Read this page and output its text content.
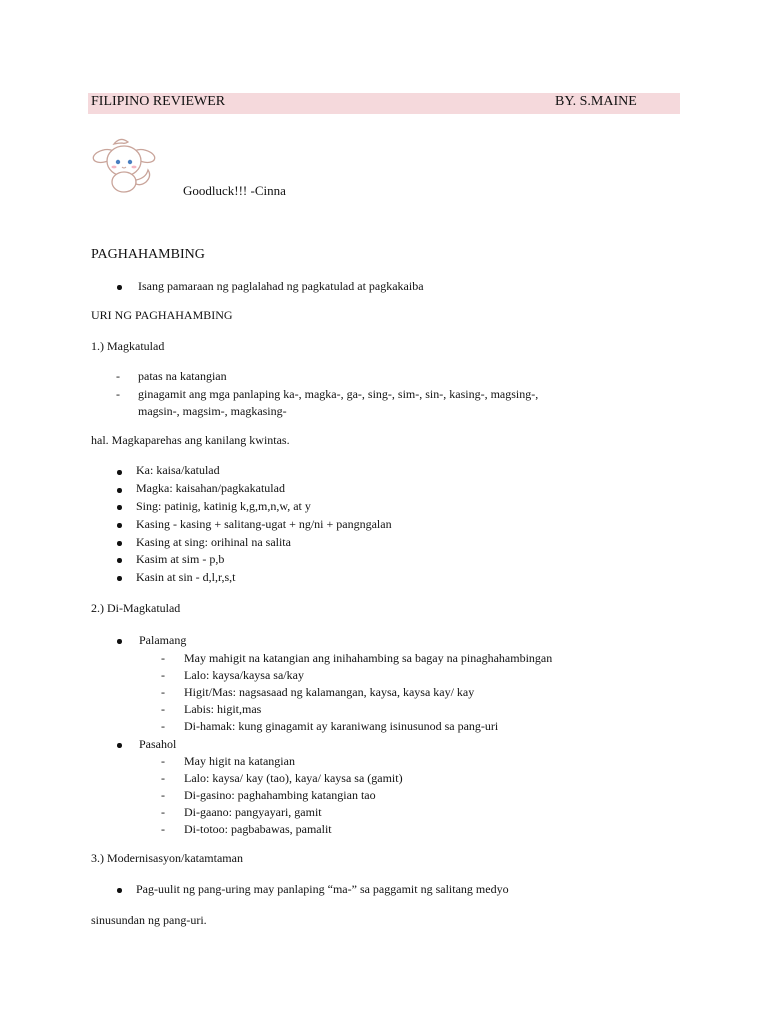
FILIPINO REVIEWER	BY. S.MAINE
Goodluck!!! -Cinna
PAGHAHAMBING
Isang pamaraan ng paglalahad ng pagkatulad at pagkakaiba
URI NG PAGHAHAMBING
1.) Magkatulad
- patas na katangian
- ginagamit ang mga panlaping ka-, magka-, ga-, sing-, sim-, sin-, kasing-, magsing-,
magsin-, magsim-, magkasing-
hal. Magkaparehas ang kanilang kwintas.
Ka: kaisa/katulad
Magka: kaisahan/pagkakatulad
Sing: patinig, katinig k,g,m,n,w, at y
Kasing - kasing + salitang-ugat + ng/ni + pangngalan
Kasing at sing: orihinal na salita
Kasim at sim - p,b
Kasin at sin - d,l,r,s,t
2.) Di-Magkatulad
Palamang
- May mahigit na katangian ang inihahambing sa bagay na pinaghahambingan
- Lalo: kaysa/kaysa sa/kay
- Higit/Mas: nagsasaad ng kalamangan, kaysa, kaysa kay/ kay
- Labis: higit,mas
- Di-hamak: kung ginagamit ay karaniwang isinusunod sa pang-uri
Pasahol
- May higit na katangian
- Lalo: kaysa/ kay (tao), kaya/ kaysa sa (gamit)
- Di-gasino: paghahambing katangian tao
- Di-gaano: pangyayari, gamit
- Di-totoo: pagbabawas, pamalit
3.) Modernisasyon/katamtaman
Pag-uulit ng pang-uring may panlaping “ma-” sa paggamit ng salitang medyo
sinusundan ng pang-uri.
